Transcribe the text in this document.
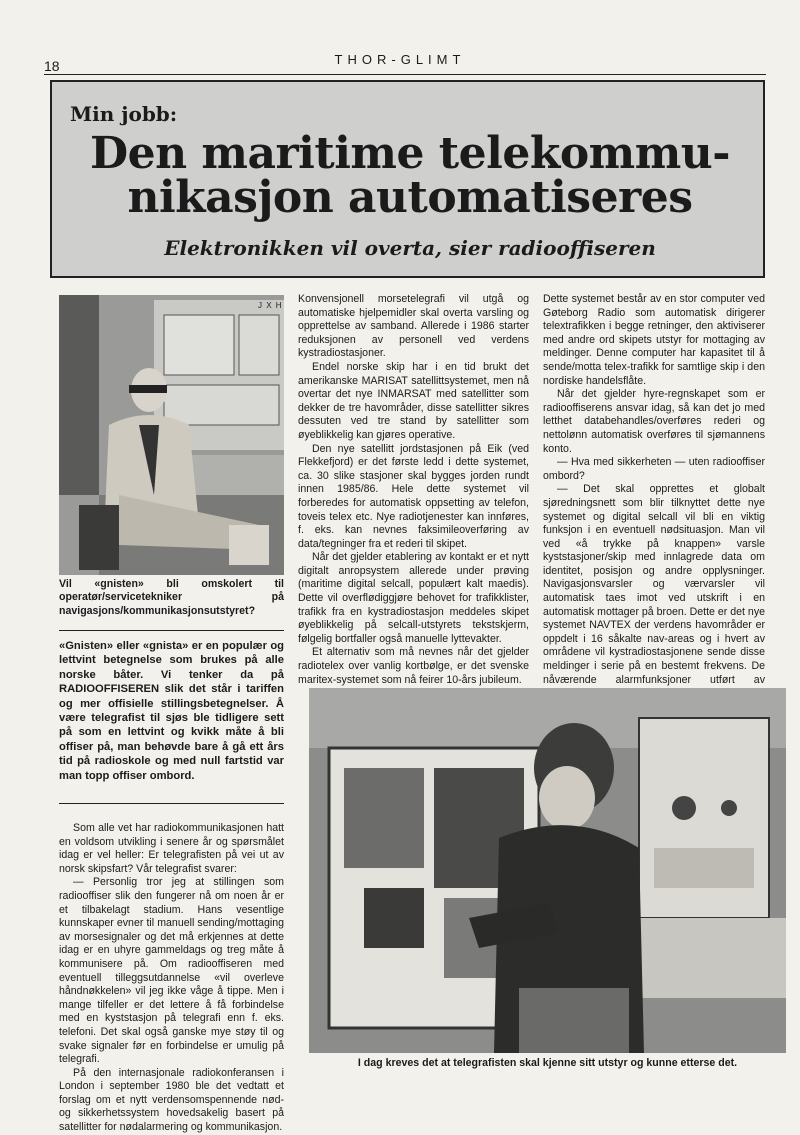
18	THOR-GLIMT
Min jobb:
Den maritime telekommu-
nikasjon automatiseres
Elektronikken vil overta, sier radiooffiseren
J X H
Vil «gnisten» bli omskolert til operatør/servicetekniker på navigasjons/kommunikasjonsutstyret?
«Gnisten» eller «gnista» er en populær og lettvint betegnelse som brukes på alle norske båter. Vi tenker da på RADIOOFFISEREN slik det står i tariffen og mer offisielle stillingsbetegnelser. Å være telegrafist til sjøs ble tidligere sett på som en lettvint og kvikk måte å bli offiser på, man behøvde bare å gå ett års tid på radioskole og med null fartstid var man topp offiser ombord.

Som alle vet har radiokommunikasjonen hatt en voldsom utvikling i senere år og spørsmålet idag er vel heller: Er telegrafisten på vei ut av norsk skipsfart? Vår telegrafist svarer:

— Personlig tror jeg at stillingen som radiooffiser slik den fungerer nå om noen år er et tilbakelagt stadium. Hans vesentlige kunnskaper evner til manuell sending/mottaging av morsesignaler og det må erkjennes at dette idag er en uhyre gammeldags og treg måte å kommunisere på. Om radiooffiseren med eventuell tilleggsutdannelse «vil overleve håndnøkkelen» vil jeg ikke våge å tippe. Men i mange tilfeller er det lettere å få forbindelse med en kyststasjon på telegrafi enn f. eks. telefoni. Det skal også ganske mye støy til og svake signaler før en forbindelse er umulig på telegrafi.

På den internasjonale radiokonferansen i London i september 1980 ble det vedtatt et forslag om et nytt verdensomspennende nød- og sikkerhetssystem hovedsakelig basert på satellitter for nødalarmering og kommunikasjon.

Konvensjonell morsetelegrafi vil utgå og automatiske hjelpemidler skal overta varsling og opprettelse av samband. Allerede i 1986 starter reduksjonen av personell ved verdens kystradiostasjoner.

Endel norske skip har i en tid brukt det amerikanske MARISAT satellittsystemet, men nå overtar det nye INMARSAT med satellitter som dekker de tre havområder, disse satellitter sikres dessuten ved tre stand by satellitter som øyeblikkelig kan gjøres operative.

Den nye satellitt jordstasjonen på Eik (ved Flekkefjord) er det første ledd i dette systemet, ca. 30 slike stasjoner skal bygges jorden rundt innen 1985/86. Hele dette systemet vil forberedes for automatisk oppsetting av telefon, toveis telex etc. Nye radiotjenester kan innføres, f. eks. kan nevnes faksimileoverføring av data/tegninger fra et rederi til skipet.

Når det gjelder etablering av kontakt er et nytt digitalt anropsystem allerede under prøving (maritime digital selcall, populært kalt maedis). Dette vil overflødiggjøre behovet for trafikklister, trafikk fra en kystradiostasjon meddeles skipet øyeblikkelig på selcall-utstyrets tekstskjerm, følgelig bortfaller også manuelle lyttevakter.

Et alternativ som må nevnes når det gjelder radiotelex over vanlig kortbølge, er det svenske maritex-systemet som nå feirer 10-års jubileum.

Dette systemet består av en stor computer ved Gøteborg Radio som automatisk dirigerer telextrafikken i begge retninger, den aktiviserer med andre ord skipets utstyr for mottaging av meldinger. Denne computer har kapasitet til å sende/motta telex-trafikk for samtlige skip i den nordiske handelsflåte.

Når det gjelder hyre-regnskapet som er radiooffiserens ansvar idag, så kan det jo med letthet databehandles/overføres rederi og nettolønn automatisk overføres til sjømannens konto.

— Hva med sikkerheten — uten radiooffiser ombord?

— Det skal opprettes et globalt sjøredningsnett som blir tilknyttet dette nye systemet og digital selcall vil bli en viktig funksjon i en eventuell nødsituasjon. Man vil ved «å trykke på knappen» varsle kyststasjoner/skip med innlagrede data om identitet, posisjon og andre opplysninger. Navigasjonsvarsler og værvarsler vil automatisk taes imot ved utskrift i en automatisk mottager på broen. Dette er det nye systemet NAVTEX der verdens havområder er oppdelt i 16 såkalte nav-areas og i hvert av områdene vil kystradiostasjonene sende disse meldinger i serie på en bestemt frekvens. De nåværende alarmfunksjoner utført av

I dag kreves det at telegrafisten skal kjenne sitt utstyr og kunne etterse det.
